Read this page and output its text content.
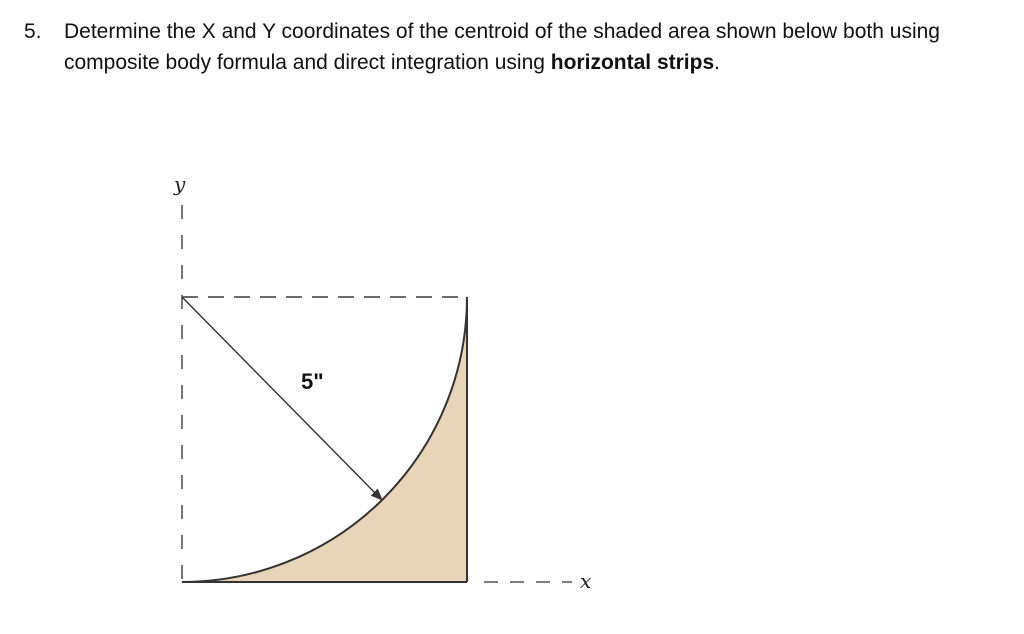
5. Determine the X and Y coordinates of the centroid of the shaded area shown below both using composite body formula and direct integration using horizontal strips.
y
x
5"
